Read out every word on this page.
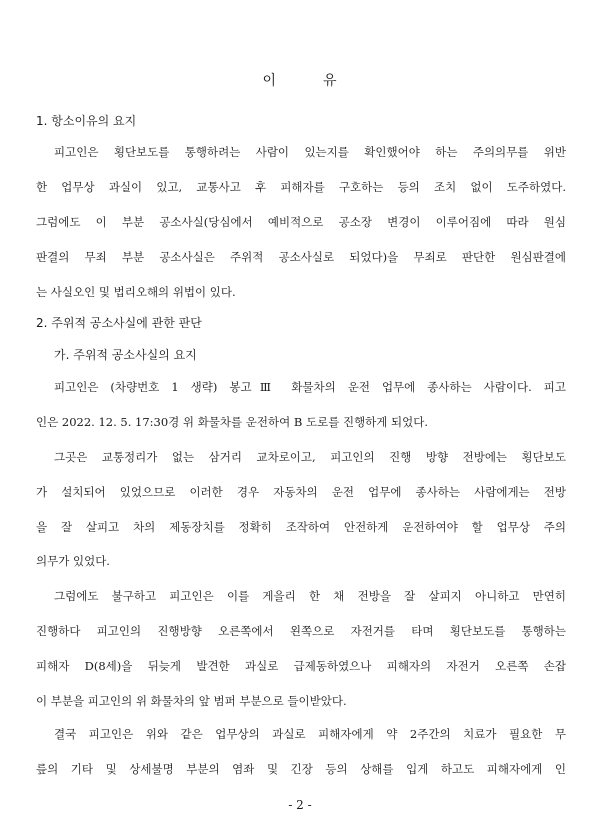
이	유
1. 항소이유의 요지
피고인은 횡단보도를 통행하려는 사람이 있는지를 확인했어야 하는 주의의무를 위반
한 업무상 과실이 있고, 교통사고 후 피해자를 구호하는 등의 조치 없이 도주하였다.
그럼에도 이 부분 공소사실(당심에서 예비적으로 공소장 변경이 이루어짐에 따라 원심
판결의 무죄 부분 공소사실은 주위적 공소사실로 되었다)을 무죄로 판단한 원심판결에
는 사실오인 및 법리오해의 위법이 있다.
2. 주위적 공소사실에 관한 판단
가. 주위적 공소사실의 요지
피고인은 (차량번호 1 생략) 봉고Ⅲ 화물차의 운전 업무에 종사하는 사람이다. 피고
인은 2022. 12. 5. 17:30경 위 화물차를 운전하여 B 도로를 진행하게 되었다.
그곳은 교통정리가 없는 삼거리 교차로이고, 피고인의 진행 방향 전방에는 횡단보도
가 설치되어 있었으므로 이러한 경우 자동차의 운전 업무에 종사하는 사람에게는 전방
을 잘 살피고 차의 제동장치를 정확히 조작하여 안전하게 운전하여야 할 업무상 주의
의무가 있었다.
그럼에도 불구하고 피고인은 이를 게을리 한 채 전방을 잘 살피지 아니하고 만연히
진행하다 피고인의 진행방향 오른쪽에서 왼쪽으로 자전거를 타며 횡단보도를 통행하는
피해자 D(8세)을 뒤늦게 발견한 과실로 급제동하였으나 피해자의 자전거 오른쪽 손잡
이 부분을 피고인의 위 화물차의 앞 범퍼 부분으로 들이받았다.
결국 피고인은 위와 같은 업무상의 과실로 피해자에게 약 2주간의 치료가 필요한 무
릎의 기타 및 상세불명 부분의 염좌 및 긴장 등의 상해를 입게 하고도 피해자에게 인
- 2 -
